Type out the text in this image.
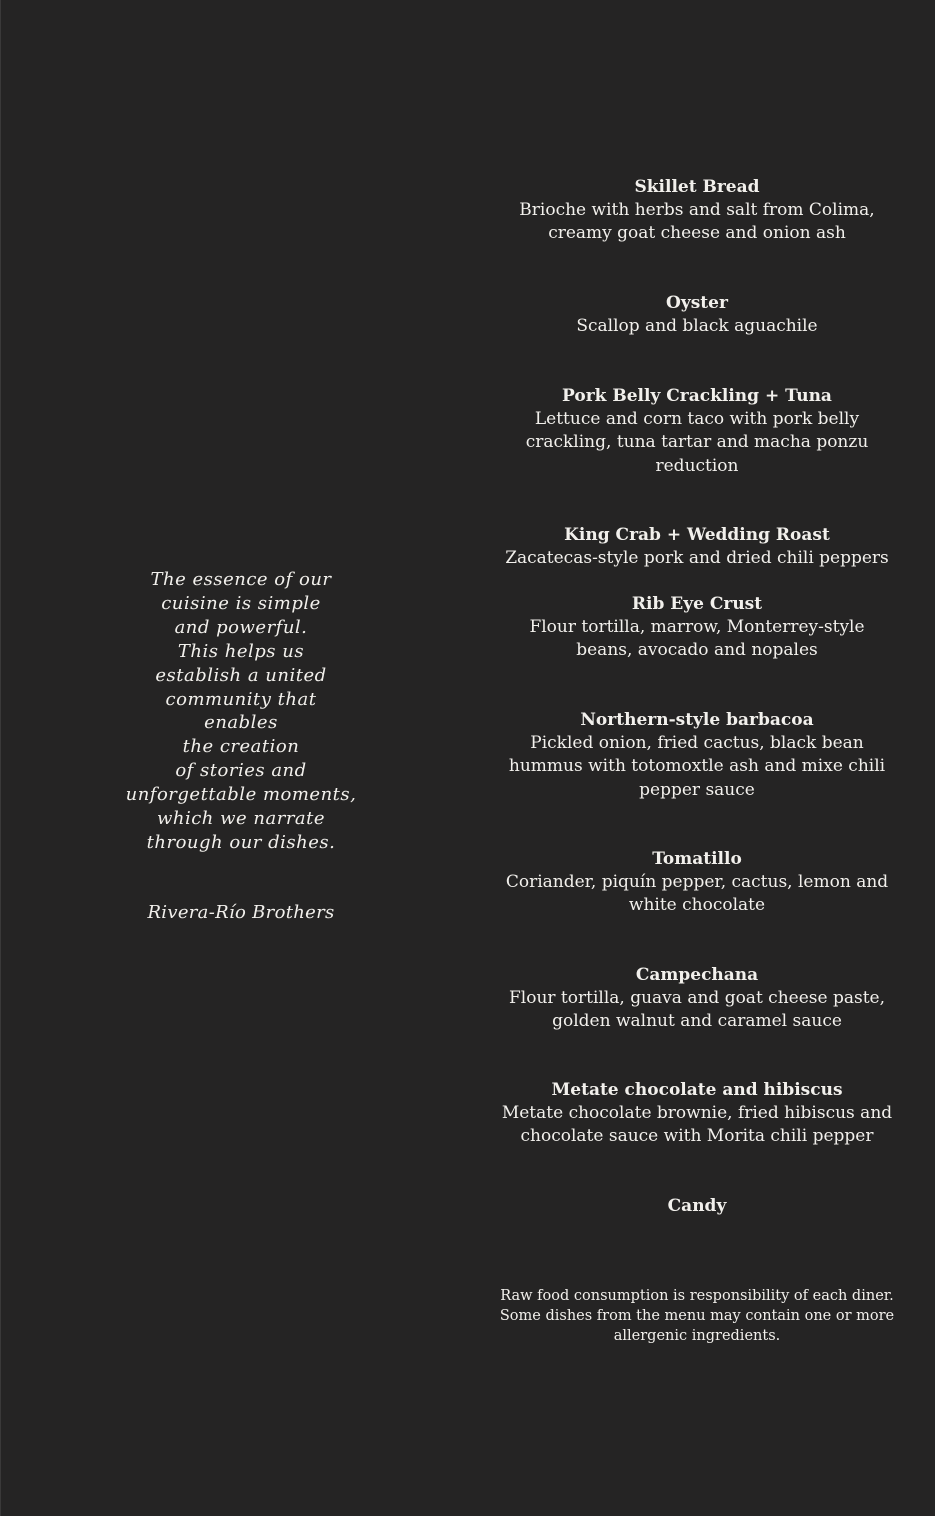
The essence of our
cuisine is simple
and powerful.
This helps us
establish a united
community that
enables
the creation
of stories and
unforgettable moments,
which we narrate
through our dishes.
Rivera-Río Brothers
Skillet Bread
Brioche with herbs and salt from Colima, creamy goat cheese and onion ash
Oyster
Scallop and black aguachile
Pork Belly Crackling + Tuna
Lettuce and corn taco with pork belly crackling, tuna tartar and macha ponzu reduction
King Crab + Wedding Roast
Zacatecas-style pork and dried chili peppers
Rib Eye Crust
Flour tortilla, marrow, Monterrey-style beans, avocado and nopales
Northern-style barbacoa
Pickled onion, fried cactus, black bean hummus with totomoxtle ash and mixe chili pepper sauce
Tomatillo
Coriander, piquín pepper, cactus, lemon and white chocolate
Campechana
Flour tortilla, guava and goat cheese paste, golden walnut and caramel sauce
Metate chocolate and hibiscus
Metate chocolate brownie, fried hibiscus and chocolate sauce with Morita chili pepper
Candy
Raw food consumption is responsibility of each diner. Some dishes from the menu may contain one or more allergenic ingredients.
